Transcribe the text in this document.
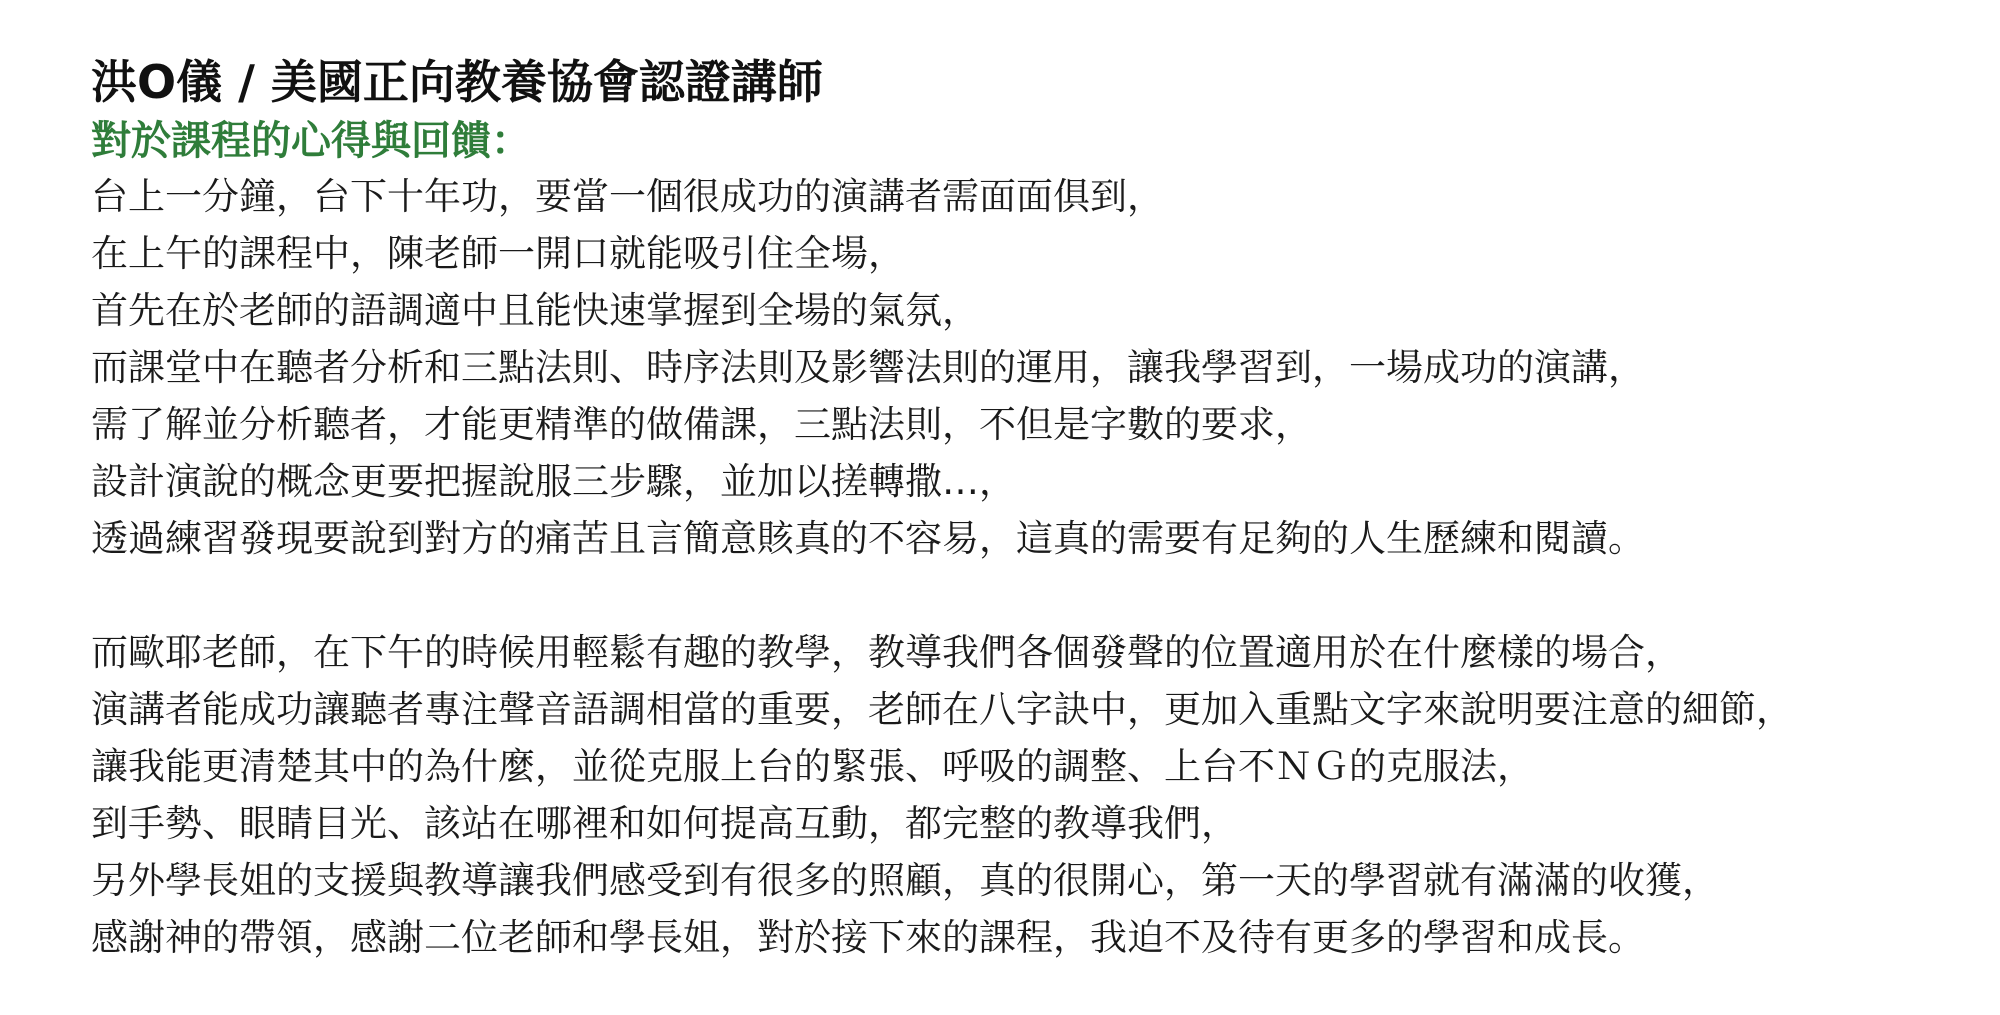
洪O儀 / 美國正向教養協會認證講師
對於課程的心得與回饋：
台上一分鐘，台下十年功，要當一個很成功的演講者需面面俱到，
在上午的課程中，陳老師一開口就能吸引住全場，
首先在於老師的語調適中且能快速掌握到全場的氣氛，
而課堂中在聽者分析和三點法則、時序法則及影響法則的運用，讓我學習到，一場成功的演講，
需了解並分析聽者，才能更精準的做備課，三點法則，不但是字數的要求，
設計演說的概念更要把握說服三步驟，並加以搓轉撒…，
透過練習發現要說到對方的痛苦且言簡意賅真的不容易，這真的需要有足夠的人生歷練和閱讀。
而歐耶老師，在下午的時候用輕鬆有趣的教學，教導我們各個發聲的位置適用於在什麼樣的場合，
演講者能成功讓聽者專注聲音語調相當的重要，老師在八字訣中，更加入重點文字來說明要注意的細節，
讓我能更清楚其中的為什麼，並從克服上台的緊張、呼吸的調整、上台不ＮＧ的克服法，
到手勢、眼睛目光、該站在哪裡和如何提高互動，都完整的教導我們，
另外學長姐的支援與教導讓我們感受到有很多的照顧，真的很開心，第一天的學習就有滿滿的收獲，
感謝神的帶領，感謝二位老師和學長姐，對於接下來的課程，我迫不及待有更多的學習和成長。
